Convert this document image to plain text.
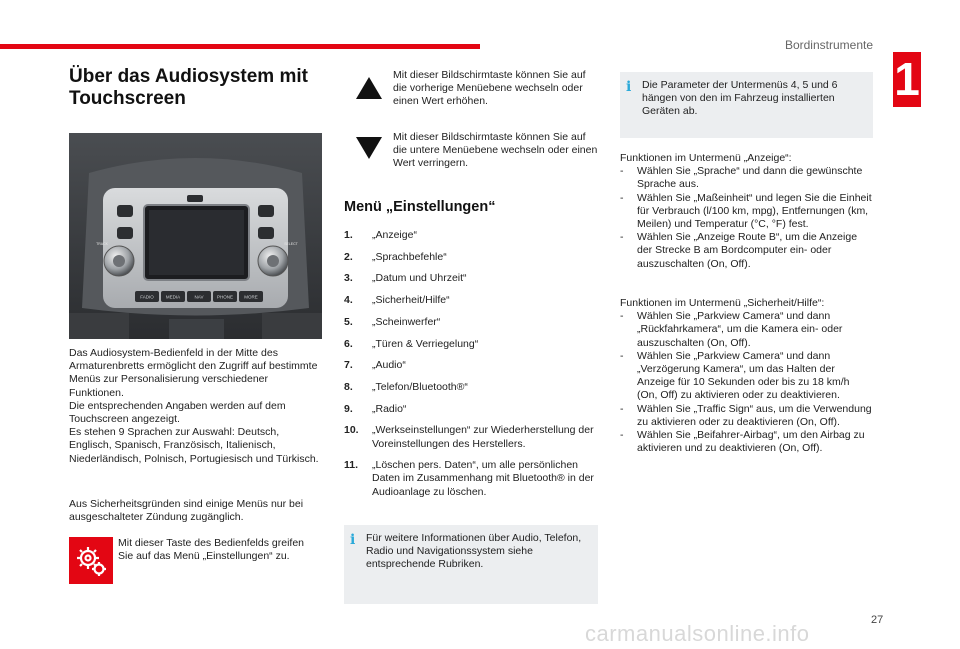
Bordinstrumente
1
Über das Audiosystem mit Touchscreen
FADIO	MEDIA	NAV	PHONE MORE
TRACK	SELECT

Das Audiosystem-Bedienfeld in der Mitte des Armaturenbretts ermöglicht den Zugriff auf bestimmte Menüs zur Personalisierung verschiedener Funktionen.

Die entsprechenden Angaben werden auf dem Touchscreen angezeigt.

Es stehen 9 Sprachen zur Auswahl: Deutsch, Englisch, Spanisch, Französisch, Italienisch, Niederländisch, Polnisch, Portugiesisch und Türkisch.

Aus Sicherheitsgründen sind einige Menüs nur bei ausgeschalteter Zündung zugänglich.
Mit dieser Taste des Bedienfelds greifen Sie auf das Menü „Einstellungen“ zu.
Mit dieser Bildschirmtaste können Sie auf die vorherige Menüebene wechseln oder einen Wert erhöhen.
Mit dieser Bildschirmtaste können Sie auf die untere Menüebene wechseln oder einen Wert verringern.
Menü „Einstellungen“
1. „Anzeige“
2. „Sprachbefehle“
3. „Datum und Uhrzeit“
4. „Sicherheit/Hilfe“
5. „Scheinwerfer“
6. „Türen & Verriegelung“
7. „Audio“
8. „Telefon/Bluetooth®“
9. „Radio“
10. „Werkseinstellungen“ zur Wiederherstellung der Voreinstellungen des Herstellers.
11. „Löschen pers. Daten“, um alle persönlichen Daten im Zusammenhang mit Bluetooth® in der Audioanlage zu löschen.
i Für weitere Informationen über Audio, Telefon, Radio und Navigationssystem siehe entsprechende Rubriken.

i Die Parameter der Untermenüs 4, 5 und 6 hängen von den im Fahrzeug installierten Geräten ab.

Funktionen im Untermenü „Anzeige“:

- Wählen Sie „Sprache“ und dann die gewünschte Sprache aus.

- Wählen Sie „Maßeinheit“ und legen Sie die Einheit für Verbrauch (l/100 km, mpg), Entfernungen (km, Meilen) und Temperatur (°C, °F) fest.

- Wählen Sie „Anzeige Route B“, um die Anzeige der Strecke B am Bordcomputer ein- oder auszuschalten (On, Off).

Funktionen im Untermenü „Sicherheit/Hilfe“:

- Wählen Sie „Parkview Camera“ und dann „Rückfahrkamera“, um die Kamera ein- oder auszuschalten (On, Off).

- Wählen Sie „Parkview Camera“ und dann „Verzögerung Kamera“, um das Halten der Anzeige für 10 Sekunden oder bis zu 18 km/h (On, Off) zu aktivieren oder zu deaktivieren.

- Wählen Sie „Traffic Sign“ aus, um die Verwendung zu aktivieren oder zu deaktivieren (On, Off).

- Wählen Sie „Beifahrer-Airbag“, um den Airbag zu aktivieren und zu deaktivieren (On, Off).

27
carmanualsonline.info
